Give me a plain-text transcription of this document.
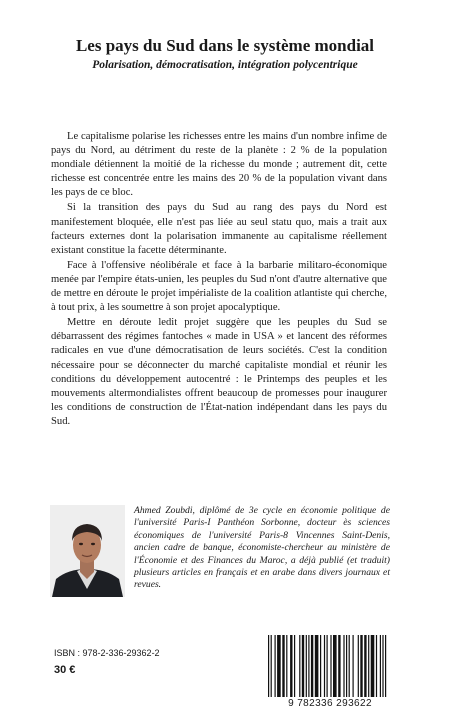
Les pays du Sud dans le système mondial
Polarisation, démocratisation, intégration polycentrique

Le capitalisme polarise les richesses entre les mains d'un nombre infime de pays du Nord, au détriment du reste de la planète : 2 % de la population mondiale détiennent la moitié de la richesse du monde ; autrement dit, cette richesse est concentrée entre les mains des 20 % de la population vivant dans les pays de ce bloc.

Si la transition des pays du Sud au rang des pays du Nord est manifestement bloquée, elle n'est pas liée au seul statu quo, mais a trait aux facteurs externes dont la polarisation immanente au capitalisme réellement existant constitue la facette déterminante.

Face à l'offensive néolibérale et face à la barbarie militaro-économique menée par l'empire états-unien, les peuples du Sud n'ont d'autre alternative que de mettre en déroute le projet impérialiste de la coalition atlantiste qui cherche, à tout prix, à les soumettre à son projet apocalyptique.

Mettre en déroute ledit projet suggère que les peuples du Sud se débarrassent des régimes fantoches « made in USA » et lancent des réformes radicales en vue d'une démocratisation de leurs sociétés. C'est la condition nécessaire pour se déconnecter du marché capitaliste mondial et réunir les conditions du développement autocentré : le Printemps des peuples et les mouvements altermondialistes offrent beaucoup de promesses pour inaugurer les conditions de construction de l'État-nation indépendant dans les pays du Sud.

Ahmed Zoubdi, diplômé de 3e cycle en économie politique de l'université Paris-I Panthéon Sorbonne, docteur ès sciences économiques de l'université Paris-8 Vincennes Saint-Denis, ancien cadre de banque, économiste-chercheur au ministère de l'Économie et des Finances du Maroc, a déjà publié (et traduit) plusieurs articles en français et en arabe dans divers journaux et revues.
ISBN : 978-2-336-29362-2
30 €
9 782336 293622
